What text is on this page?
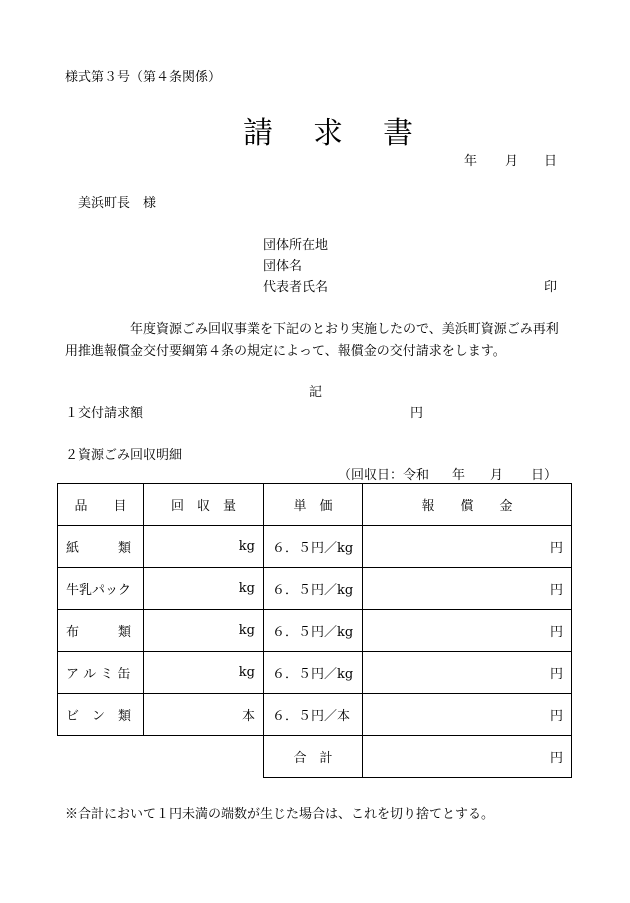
様式第３号（第４条関係）
請 求 書
年 月 日
美浜町長　様
団体所在地
団体名
代表者氏名	印
年度資源ごみ回収事業を下記のとおり実施したので、美浜町資源ごみ再利
用推進報償金交付要綱第４条の規定によって、報償金の交付請求をします。
記
１交付請求額	円
２資源ごみ回収明細
（回収日：令和 年 月 日）
品　　目	回　収　量	単　価	報　　償　　金
紙　　　類	kg	６．５円／kg	円
牛乳パック	kg	６．５円／kg	円
布　　　類	kg	６．５円／kg	円
ア ル ミ 缶	kg	６．５円／kg	円
ビ　ン　類	本	６．５円／本	円
		合　計	円
※合計において１円未満の端数が生じた場合は、これを切り捨てとする。
